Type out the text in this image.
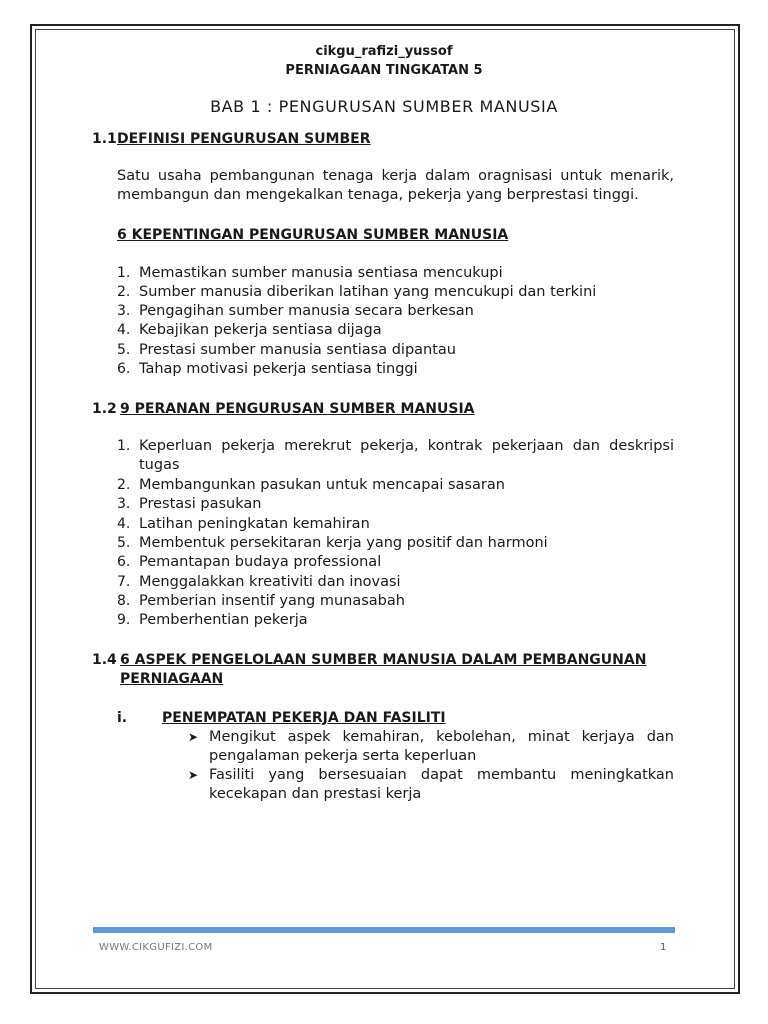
cikgu_rafizi_yussof
PERNIAGAAN TINGKATAN 5
BAB 1 : PENGURUSAN SUMBER MANUSIA
1.1 DEFINISI PENGURUSAN SUMBER
Satu usaha pembangunan tenaga kerja dalam oragnisasi untuk menarik,
membangun dan mengekalkan tenaga, pekerja yang berprestasi tinggi.
6 KEPENTINGAN PENGURUSAN SUMBER MANUSIA
1. Memastikan sumber manusia sentiasa mencukupi
2. Sumber manusia diberikan latihan yang mencukupi dan terkini
3. Pengagihan sumber manusia secara berkesan
4. Kebajikan pekerja sentiasa dijaga
5. Prestasi sumber manusia sentiasa dipantau
6. Tahap motivasi pekerja sentiasa tinggi
1.2 9 PERANAN PENGURUSAN SUMBER MANUSIA
1. Keperluan pekerja merekrut pekerja, kontrak pekerjaan dan deskripsi
tugas
2. Membangunkan pasukan untuk mencapai sasaran
3. Prestasi pasukan
4. Latihan peningkatan kemahiran
5. Membentuk persekitaran kerja yang positif dan harmoni
6. Pemantapan budaya professional
7. Menggalakkan kreativiti dan inovasi
8. Pemberian insentif yang munasabah
9. Pemberhentian pekerja
1.4 6 ASPEK PENGELOLAAN SUMBER MANUSIA DALAM PEMBANGUNAN
PERNIAGAAN
i. PENEMPATAN PEKERJA DAN FASILITI
➤ Mengikut aspek kemahiran, kebolehan, minat kerjaya dan
pengalaman pekerja serta keperluan
➤ Fasiliti yang bersesuaian dapat membantu meningkatkan
kecekapan dan prestasi kerja
WWW.CIKGUFIZI.COM	1
